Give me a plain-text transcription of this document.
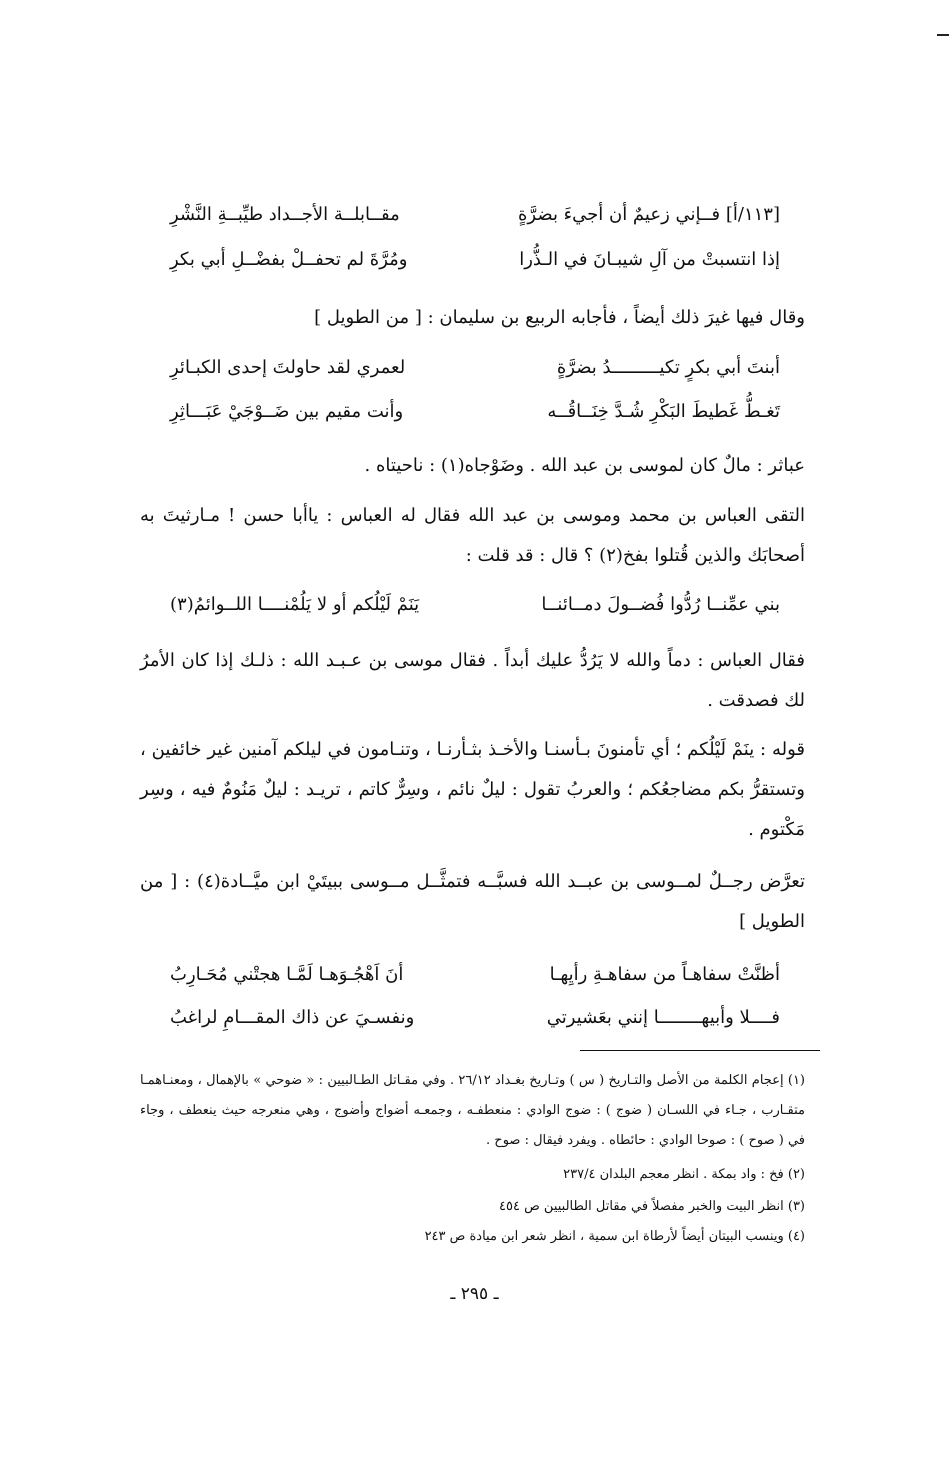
[١١٣/أ] فــإني زعيمٌ أن أجيءَ بضرَّةٍ
مقــابلــة الأجــداد طيِّبــةِ النَّشْرِ
إذا انتسبتْ من آلِ شيبـانَ في الـذُّرا
ومُرَّةَ لم تحفــلْ بفضْــلِ أبي بكرِ
وقال فيها غيرَ ذلك أيضاً ، فأجابه الربيع بن سليمان : [ من الطويل ]
أبنتَ أبي بكرٍ تكيـــــــــدُ بضرَّةٍ
لعمري لقد حاولتَ إحدى الكبـائرِ
تَغـطُّ غَطيطَ البَكْرِ شُـدَّ خِنَــاقُــه
وأنت مقيم بين ضَــوْجَيْ عَبَـــاثِرِ
عباثر : مالٌ كان لموسى بن عبد الله . وضَوْجاه(١) : ناحيتاه .
التقى العباس بن محمد وموسى بن عبد الله فقال له العباس : ياأبا حسن ! مـارثيتَ به أصحابَك والذين قُتلوا بفخ(٢) ؟ قال : قد قلت :
بني عمِّنــا رُدُّوا فُضــولَ دمــائنــا
يَنَمْ لَيْلُكم أو لا يَلُمْنــــا اللــوائمُ(٣)
فقال العباس : دماً والله لا يَرُدُّ عليك أبداً . فقال موسى بن عـبـد الله : ذلـك إذا كان الأمرُ لك فصدقت .
قوله : ينَمْ لَيْلُكم ؛ أي تأمنونَ بـأسنـا والأخـذ بثـأرنـا ، وتنـامون في ليلكم آمنين غير خائفين ، وتستقرُّ بكم مضاجعُكم ؛ والعربُ تقول : ليلٌ نائم ، وسِرٌّ كاتم ، تريـد : ليلٌ مَنُومٌ فيه ، وسِر مَكْتوم .
تعرَّض رجــلٌ لمــوسى بن عبــد الله فسبَّــه فتمثَّــل مــوسى ببيتَيْ ابن ميَّــادة(٤) : [ من الطويل ]
أظنَّتْ سفاهـاً من سفاهـةِ رأيِهـا
أنَ اَهْجُـوَهـا لَمَّـا هجتْني مُحَـارِبُ
فــــلا وأبيهــــــــا إنني بعَشيرتي
ونفسـيَ عن ذاك المقـــامِ لراغبُ
(١) إعجام الكلمة من الأصل والتـاريخ ( س ) وتـاريخ بغـداد ٢٦/١٢ . وفي مقـاتل الطـالبيين : « ضوحي » بالإهمال ، ومعنـاهمـا متقـارب ، جـاء في اللسـان ( ضوج ) : ضوج الوادي : منعطفـه ، وجمعـه أضواج وأضوج ، وهي منعرجه حيث ينعطف ، وجاء في ( صوح ) : صوحا الوادي : حائطاه . ويفرد فيقال : صوح .
(٢) فخ : واد بمكة . انظر معجم البلدان ٢٣٧/٤
(٣) انظر البيت والخبر مفصلاً في مقاتل الطالبيين ص ٤٥٤
(٤) وينسب البيتان أيضاً لأرطاة ابن سمية ، انظر شعر ابن ميادة ص ٢٤٣
ـ ٢٩٥ ـ
